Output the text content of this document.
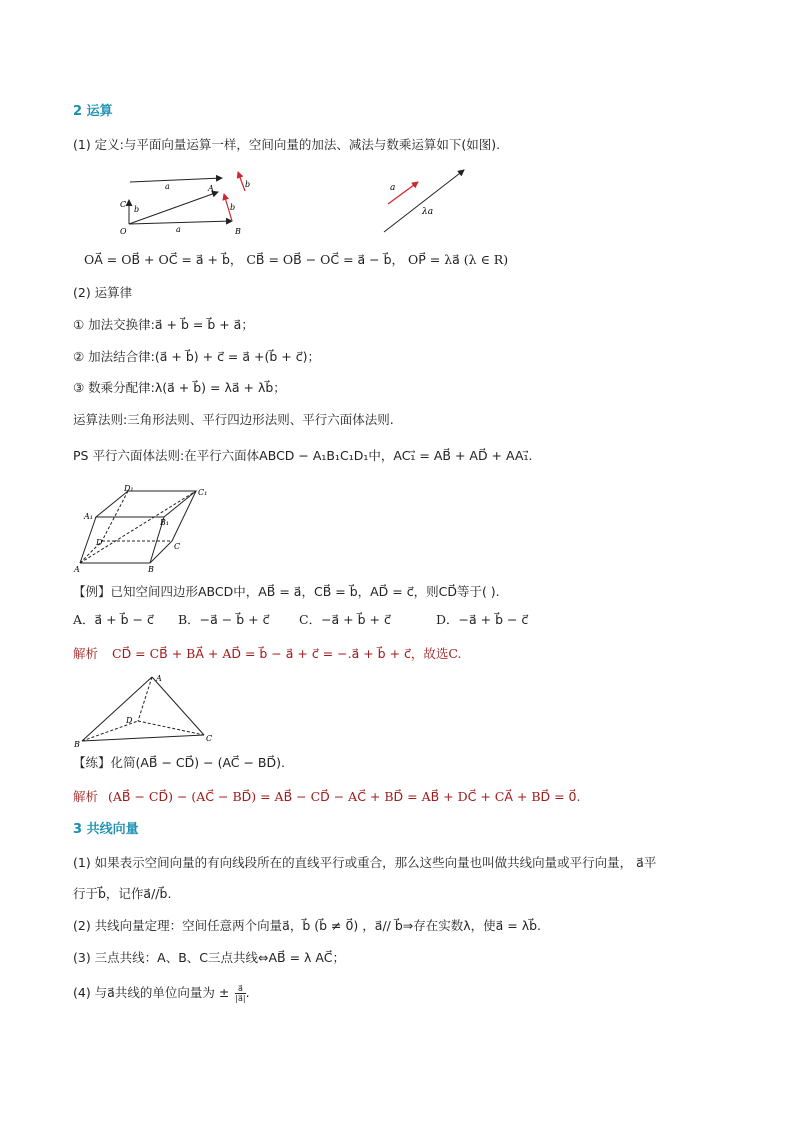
2 运算
(1) 定义:与平面向量运算一样，空间向量的加法、减法与数乘运算如下(如图).
a	b
A
C
b	b
O	a	B
a
λa
OA⃗ = OB⃗ + OC⃗ = a⃗ + b⃗， CB⃗ = OB⃗ − OC⃗ = a⃗ − b⃗， OP⃗ = λa⃗ (λ ∈ R)
(2) 运算律
① 加法交换律:a⃗ + b⃗ = b⃗ + a⃗；
② 加法结合律:(a⃗ + b⃗) + c⃗ = a⃗ +(b⃗ + c⃗)；
③ 数乘分配律:λ(a⃗ + b⃗) = λa⃗ + λb⃗；
运算法则:三角形法则、平行四边形法则、平行六面体法则.
PS 平行六面体法则:在平行六面体ABCD − A₁B₁C₁D₁中，AC₁⃗ = AB⃗ + AD⃗ + AA₁⃗.
D₁	C₁
A₁
B₁
D	C
A	B
【例】已知空间四边形ABCD中，AB⃗ = a⃗，CB⃗ = b⃗，AD⃗ = c⃗，则CD⃗等于( ).
A．a⃗ + b⃗ − c⃗ B．−a⃗ − b⃗ + c⃗ C．−a⃗ + b⃗ + c⃗	D．−a⃗ + b⃗ − c⃗
解析 CD⃗ = CB⃗ + BA⃗ + AD⃗ = b⃗ − a⃗ + c⃗ = −.a⃗ + b⃗ + c⃗，故选C.
A
D
B
C
【练】化简(AB⃗ − CD⃗) − (AC⃗ − BD⃗).
解析 (AB⃗ − CD⃗) − (AC⃗ − BD⃗) = AB⃗ − CD⃗ − AC⃗ + BD⃗ = AB⃗ + DC⃗ + CA⃗ + BD⃗ = 0⃗.
3 共线向量
(1) 如果表示空间向量的有向线段所在的直线平行或重合，那么这些向量也叫做共线向量或平行向量， a⃗平
行于b⃗，记作a⃗//b⃗.
(2) 共线向量定理：空间任意两个向量a⃗，b⃗ (b⃗ ≠ 0⃗) ，a⃗// b⃗⇒存在实数λ，使a⃗ = λb⃗.
(3) 三点共线：A、B、C三点共线⇔AB⃗ = λ AC⃗；
(4) 与a⃗共线的单位向量为 ± $\frac{a⃗}{|a⃗|}$ .
